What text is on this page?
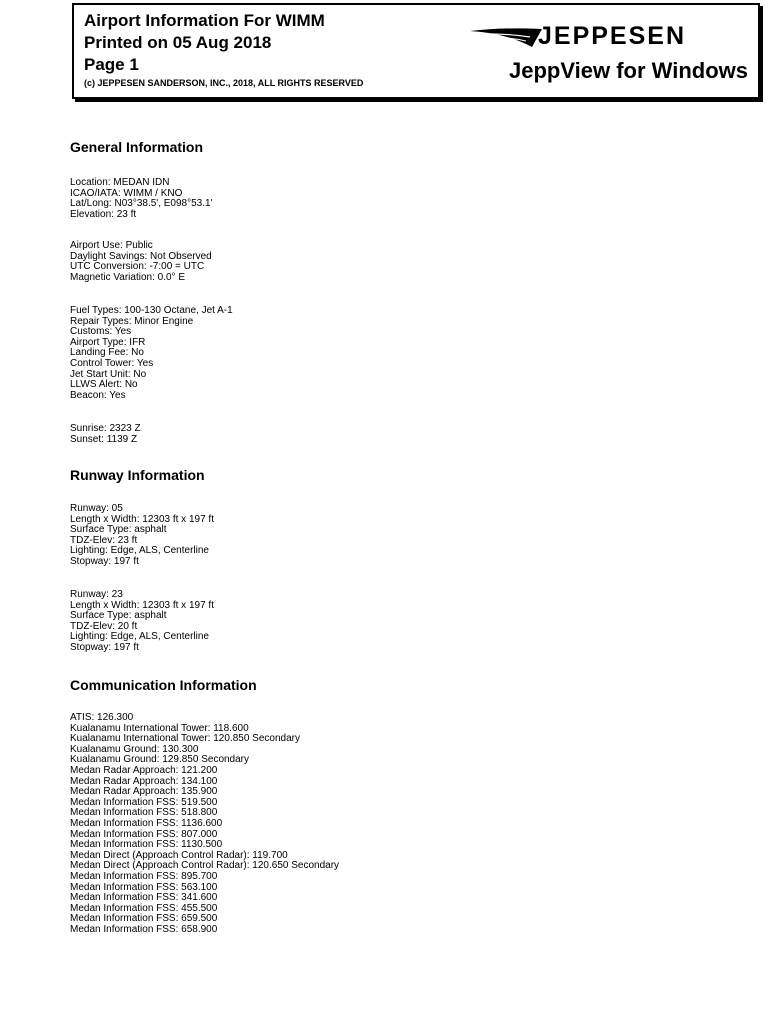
Airport Information For WIMM
Printed on 05 Aug 2018
Page 1
(c) JEPPESEN SANDERSON, INC., 2018, ALL RIGHTS RESERVED
JEPPESEN
JeppView for Windows
General Information
Location: MEDAN IDN
ICAO/IATA: WIMM / KNO
Lat/Long: N03°38.5', E098°53.1'
Elevation: 23 ft
Airport Use: Public
Daylight Savings: Not Observed
UTC Conversion: -7:00 = UTC
Magnetic Variation: 0.0° E
Fuel Types: 100-130 Octane, Jet A-1
Repair Types: Minor Engine
Customs: Yes
Airport Type: IFR
Landing Fee: No
Control Tower: Yes
Jet Start Unit: No
LLWS Alert: No
Beacon: Yes
Sunrise: 2323 Z
Sunset: 1139 Z
Runway Information
Runway: 05
Length x Width: 12303 ft x 197 ft
Surface Type: asphalt
TDZ-Elev: 23 ft
Lighting: Edge, ALS, Centerline
Stopway: 197 ft
Runway: 23
Length x Width: 12303 ft x 197 ft
Surface Type: asphalt
TDZ-Elev: 20 ft
Lighting: Edge, ALS, Centerline
Stopway: 197 ft
Communication Information
ATIS: 126.300
Kualanamu International Tower: 118.600
Kualanamu International Tower: 120.850 Secondary
Kualanamu Ground: 130.300
Kualanamu Ground: 129.850 Secondary
Medan Radar Approach: 121.200
Medan Radar Approach: 134.100
Medan Radar Approach: 135.900
Medan Information FSS: 519.500
Medan Information FSS: 518.800
Medan Information FSS: 1136.600
Medan Information FSS: 807.000
Medan Information FSS: 1130.500
Medan Direct (Approach Control Radar): 119.700
Medan Direct (Approach Control Radar): 120.650 Secondary
Medan Information FSS: 895.700
Medan Information FSS: 563.100
Medan Information FSS: 341.600
Medan Information FSS: 455.500
Medan Information FSS: 659.500
Medan Information FSS: 658.900
